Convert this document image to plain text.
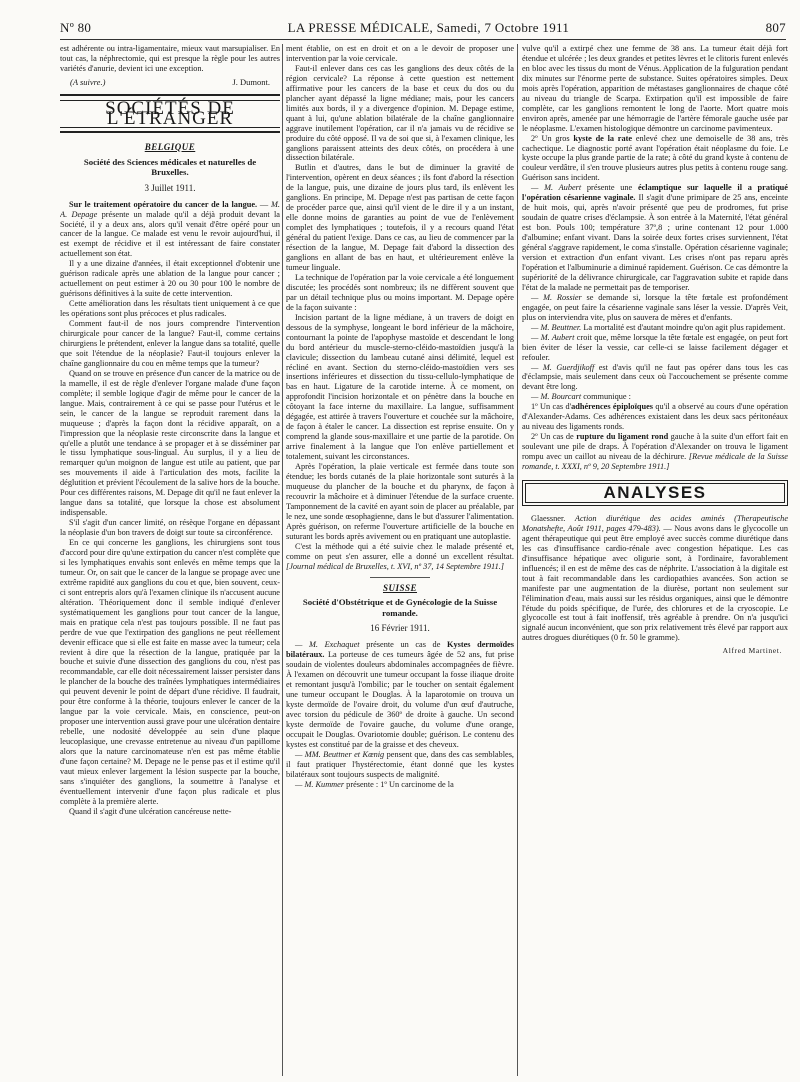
Nº 80	LA PRESSE MÉDICALE, Samedi, 7 Octobre 1911	807

est adhérente ou intra-ligamentaire, mieux vaut marsupialiser. En tout cas, la néphrectomie, qui est presque la règle pour les autres variétés d'anurie, devient ici une exception.

(A suivre.)	J. Dumont.
SOCIÉTÉS DE L'ÉTRANGER
BELGIQUE
Société des Sciences médicales et naturelles de Bruxelles.
3 Juillet 1911.

Sur le traitement opératoire du cancer de la langue. — M. A. Depage présente un malade qu'il a déjà produit devant la Société, il y a deux ans, alors qu'il venait d'être opéré pour un cancer de la langue. Ce malade est venu le revoir aujourd'hui, il est exempt de récidive et il est intéressant de faire constater actuellement son état.

Il y a une dizaine d'années, il était exceptionnel d'obtenir une guérison radicale après une ablation de la langue pour cancer ; actuellement on peut estimer à 20 ou 30 pour 100 le nombre de guérisons définitives à la suite de cette intervention.

Cette amélioration dans les résultats tient uniquement à ce que les opérations sont plus précoces et plus radicales.

Comment faut-il de nos jours comprendre l'intervention chirurgicale pour cancer de la langue? Faut-il, comme certains chirurgiens le prétendent, enlever la langue dans sa totalité, quelle que soit l'étendue de la néoplasie? Faut-il toujours enlever la chaîne ganglionnaire du cou en même temps que la tumeur?

Quand on se trouve en présence d'un cancer de la matrice ou de la mamelle, il est de règle d'enlever l'organe malade d'une façon complète; il semble logique d'agir de même pour le cancer de la langue. Mais, contrairement à ce qui se passe pour l'utérus et le sein, le cancer de la langue se reproduit rarement dans la muqueuse ; d'après la façon dont la récidive apparaît, on a l'impression que la néoplasie reste circonscrite dans la langue et qu'elle a plutôt une tendance à se propager et à se disséminer par le tissu lymphatique sous-lingual. Au surplus, il y a lieu de remarquer qu'un moignon de langue est utile au patient, que par ses mouvements il aide à l'articulation des mots, facilite la déglutition et prévient l'écoulement de la salive hors de la bouche. Pour ces différentes raisons, M. Depage dit qu'il ne faut enlever la langue dans sa totalité, que lorsque la chose est absolument indispensable.

S'il s'agit d'un cancer limité, on résèque l'organe en dépassant la néoplasie d'un bon travers de doigt sur toute sa circonférence.

En ce qui concerne les ganglions, les chirurgiens sont tous d'accord pour dire qu'une extirpation du cancer n'est complète que si les lymphatiques envahis sont enlevés en même temps que la tumeur. Or, on sait que le cancer de la langue se propage avec une extrême rapidité aux ganglions du cou et que, bien souvent, ceux-ci sont entrepris alors qu'à l'examen clinique ils n'accusent aucune altération. Théoriquement donc il semble indiqué d'enlever systématiquement les ganglions pour tout cancer de la langue, mais en pratique cela n'est pas toujours possible. Il ne faut pas perdre de vue que l'extirpation des ganglions ne peut réellement devenir efficace que si elle est faite en masse avec la tumeur; cela revient à dire que la résection de la langue, pratiquée par la bouche et suivie d'une dissection des ganglions du cou, n'est pas recommandable, car elle doit nécessairement laisser persister dans le plancher de la bouche des traînées lymphatiques intermédiaires qui peuvent devenir le point de départ d'une récidive. Il faudrait, pour être conforme à la théorie, toujours enlever le cancer de la langue par la voie cervicale. Mais, en conscience, peut-on proposer une intervention aussi grave pour une ulcération dentaire rebelle, une nodosité développée au sein d'une plaque leucoplasique, une crevasse entretenue au niveau d'un papillome alors que la nature carcinomateuse n'en est pas même établie d'une façon certaine? M. Depage ne le pense pas et il estime qu'il vaut mieux enlever largement la lésion suspecte par la bouche, sans s'inquiéter des ganglions, la soumettre à l'analyse et éventuellement intervenir d'une façon plus radicale et plus complète à la première alerte.

Quand il s'agit d'une ulcération cancéreuse nette-

ment établie, on est en droit et on a le devoir de proposer une intervention par la voie cervicale.

Faut-il enlever dans ces cas les ganglions des deux côtés de la région cervicale? La réponse à cette question est nettement affirmative pour les cancers de la base et ceux du dos ou du plancher ayant dépassé la ligne médiane; mais, pour les cancers limités aux bords, il y a divergence d'opinion. M. Depage estime, quant à lui, qu'une ablation bilatérale de la chaîne ganglionnaire aggrave inutilement l'opération, car il n'a jamais vu de récidive se produire du côté opposé. Il va de soi que si, à l'examen clinique, les ganglions paraissent atteints des deux côtés, on procédera à une dissection bilatérale.

Butlin et d'autres, dans le but de diminuer la gravité de l'intervention, opèrent en deux séances ; ils font d'abord la résection de la langue, puis, une dizaine de jours plus tard, ils enlèvent les ganglions. En principe, M. Depage n'est pas partisan de cette façon de procéder parce que, ainsi qu'il vient de le dire il y a un instant, elle donne moins de garanties au point de vue de l'enlèvement complet des lymphatiques ; toutefois, il y a recours quand l'état général du patient l'exige. Dans ce cas, au lieu de commencer par la résection de la langue, M. Depage fait d'abord la dissection des ganglions en allant de bas en haut, et ultérieurement enlève la tumeur linguale.

La technique de l'opération par la voie cervicale a été longuement discutée; les procédés sont nombreux; ils ne diffèrent souvent que par un détail technique plus ou moins important. M. Depage opère de la façon suivante :

Incision partant de la ligne médiane, à un travers de doigt en dessous de la symphyse, longeant le bord inférieur de la mâchoire, contournant la pointe de l'apophyse mastoïde et descendant le long du bord antérieur du muscle-sterno-cléido-mastoïdien jusqu'à la clavicule; dissection du lambeau cutané ainsi délimité, lequel est récliné en avant. Section du sterno-cléido-mastoïdien vers ses insertions inférieures et dissection du tissu-cellulo-lymphatique de bas en haut. Ligature de la carotide interne. À ce moment, on approfondit l'incision horizontale et on pénètre dans la bouche en côtoyant la face interne du maxillaire. La langue, suffisamment dégagée, est attirée à travers l'ouverture et couchée sur la mâchoire, de façon à étaler le cancer. La dissection est reprise ensuite. On y comprend la glande sous-maxillaire et une partie de la parotide. On arrive finalement à la langue que l'on enlève partiellement et totalement, suivant les circonstances.

Après l'opération, la plaie verticale est fermée dans toute son étendue; les bords cutanés de la plaie horizontale sont suturés à la muqueuse du plancher de la bouche et du pharynx, de façon à recouvrir la mâchoire et à diminuer l'étendue de la surface cruente. Tamponnement de la cavité en ayant soin de placer au préalable, par le nez, une sonde œsophagienne, dans le but d'assurer l'alimentation. Après guérison, on referme l'ouverture artificielle de la bouche en suturant les bords après avivement ou en pratiquant une autoplastie.

C'est la méthode qui a été suivie chez le malade présenté et, comme on peut s'en assurer, elle a donné un excellent résultat. [Journal médical de Bruxelles, t. XVI, nº 37, 14 Septembre 1911.]

SUISSE
Société d'Obstétrique et de Gynécologie de la Suisse romande.
16 Février 1911.

— M. Exchaquet présente un cas de Kystes dermoïdes bilatéraux. La porteuse de ces tumeurs âgée de 52 ans, fut prise soudain de violentes douleurs abdominales accompagnées de fièvre. À l'examen on découvrit une tumeur occupant la fosse iliaque droite et remontant jusqu'à l'ombilic; par le toucher on sentait également une tumeur occupant le Douglas. À la laparotomie on trouva un kyste dermoïde de l'ovaire droit, du volume d'un œuf d'autruche, avec torsion du pédicule de 360º de droite à gauche. Un second kyste dermoïde de l'ovaire gauche, du volume d'une orange, occupait le Douglas. Ovariotomie double; guérison. Le contenu des kystes est constitué par de la graisse et des cheveux.

— MM. Beuttner et Kœnig pensent que, dans des cas semblables, il faut pratiquer l'hystérectomie, étant donné que les kystes bilatéraux sont toujours suspects de malignité.

— M. Kummer présente : 1º Un carcinome de la

vulve qu'il a extirpé chez une femme de 38 ans. La tumeur était déjà fort étendue et ulcérée ; les deux grandes et petites lèvres et le clitoris furent enlevés en bloc avec les tissus du mont de Vénus. Application de la fulguration pendant dix minutes sur l'énorme perte de substance. Suites opératoires simples. Deux mois après l'opération, apparition de métastases ganglionnaires de chaque côté au niveau du triangle de Scarpa. Extirpation qu'il est impossible de faire complète, car les ganglions remontent le long de l'aorte. Mort quatre mois environ après, amenée par une hémorragie de l'artère fémorale gauche usée par le néoplasme. L'examen histologique démontre un carcinome pavimenteux.

2º Un gros kyste de la rate enlevé chez une demoiselle de 38 ans, très cachectique. Le diagnostic porté avant l'opération était néoplasme du foie. Le kyste occupe la plus grande partie de la rate; à côté du grand kyste à contenu de couleur verdâtre, il s'en trouve plusieurs autres plus petits à contenu rouge sang. Guérison sans incident.

— M. Aubert présente une éclamptique sur laquelle il a pratiqué l'opération césarienne vaginale. Il s'agit d'une primipare de 25 ans, enceinte de huit mois, qui, après n'avoir présenté que peu de prodromes, fut prise soudain de quatre crises d'éclampsie. À son entrée à la Maternité, l'état général est bon. Pouls 100; température 37º,8 ; urine contenant 12 pour 1.000 d'albumine; enfant vivant. Dans la soirée deux fortes crises surviennent, l'état général s'aggrave rapidement, le coma s'installe. Opération césarienne vaginale; version et extraction d'un enfant vivant. Les crises n'ont pas reparu après l'opération et l'albuminurie a diminué rapidement. Guérison. Ce cas démontre la supériorité de la délivrance chirurgicale, car l'aggravation subite et rapide dans l'état de la malade ne permettait pas de temporiser.

— M. Rossier se demande si, lorsque la tête fœtale est profondément engagée, on peut faire la césarienne vaginale sans léser la vessie. D'après Veit, plus on interviendra vite, plus on sauvera de mères et d'enfants.

— M. Beuttner. La mortalité est d'autant moindre qu'on agit plus rapidement.

— M. Aubert croit que, même lorsque la tête fœtale est engagée, on peut fort bien éviter de léser la vessie, car celle-ci se laisse facilement dégager et refouler.

— M. Guerdjikoff est d'avis qu'il ne faut pas opérer dans tous les cas d'éclampsie, mais seulement dans ceux où l'accouchement se présente comme devant être long.

— M. Bourcart communique :

1º Un cas d'adhérences épiploïques qu'il a observé au cours d'une opération d'Alexander-Adams. Ces adhérences existaient dans les deux sacs péritonéaux au niveau des ligaments ronds.

2º Un cas de rupture du ligament rond gauche à la suite d'un effort fait en soulevant une pile de draps. À l'opération d'Alexander on trouva le ligament rompu avec un caillot au niveau de la déchirure. [Revue médicale de la Suisse romande, t. XXXI, nº 9, 20 Septembre 1911.]

ANALYSES

Glaessner. Action diurétique des acides aminés (Therapeutische Monatshefte, Août 1911, pages 479-483). — Nous avons dans le glycocolle un agent thérapeutique qui peut être employé avec succès comme diurétique dans les cas d'insuffisance cardio-rénale avec congestion hépatique. Les cas d'insuffisance hépatique avec oligurie sont, à l'ordinaire, favorablement influencés; il en est de même des cas de néphrite. L'association à la digitale est tout à fait recommandable dans les cardiopathies avancées. Son action se manifeste par une augmentation de la diurèse, portant non seulement sur l'élimination d'eau, mais aussi sur les résidus organiques, ainsi que le démontre l'étude du poids spécifique, de l'urée, des chlorures et de la cryoscopie. Le glycocolle est tout à fait inoffensif, très agréable à prendre. On n'a jusqu'ici signalé aucun inconvénient, que son prix relativement très élevé par rapport aux autres drogues diurétiques (0 fr. 50 le gramme).

Alfred Martinet.
